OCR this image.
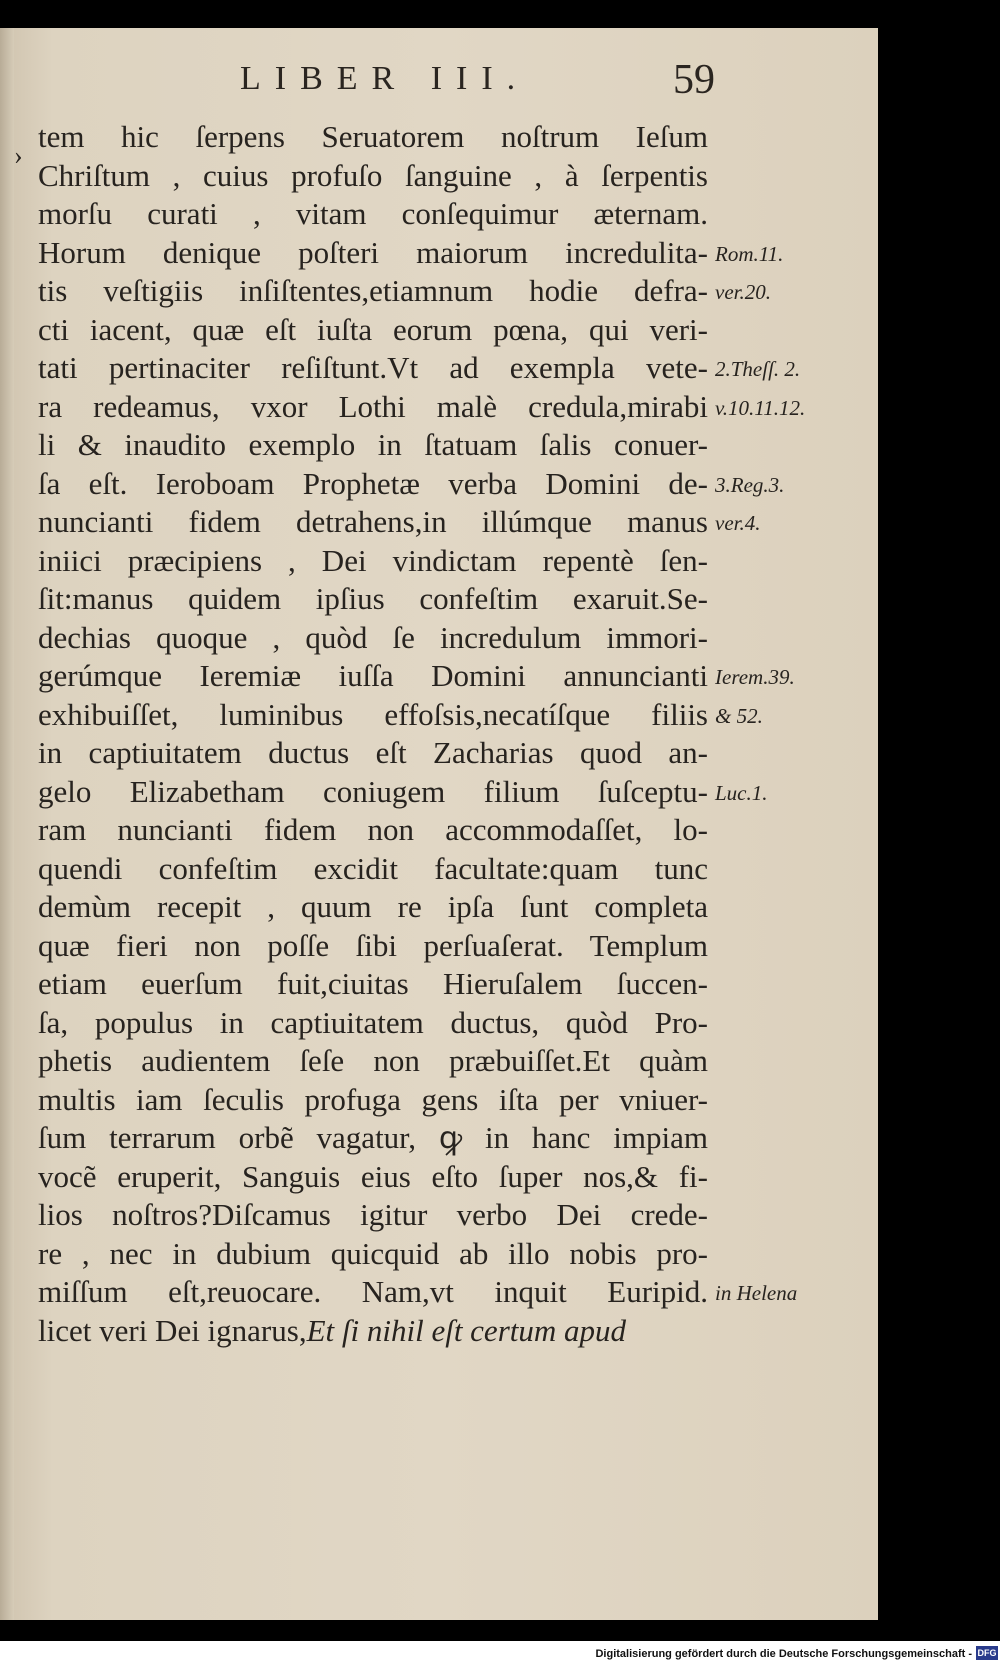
LIBER III.	59
›
tem hic ſerpens Seruatorem noſtrum Ieſum
Chriſtum , cuius profuſo ſanguine , à ſerpentis
morſu curati , vitam conſequimur æternam.
Horum denique poſteri maiorum incredulita-
tis veſtigiis inſiſtentes,etiamnum hodie defra-
cti iacent, quæ eſt iuſta eorum pœna, qui veri-
tati pertinaciter reſiſtunt.Vt ad exempla vete-
ra redeamus, vxor Lothi malè credula,mirabi
li & inaudito exemplo in ſtatuam ſalis conuer-
ſa eſt. Ieroboam Prophetæ verba Domini de-
nuncianti fidem detrahens,in illúmque manus
iniici præcipiens , Dei vindictam repentè ſen-
ſit:manus quidem ipſius confeſtim exaruit.Se-
dechias quoque , quòd ſe incredulum immori-
gerúmque Ieremiæ iuſſa Domini annuncianti
exhibuiſſet, luminibus effoſsis,necatíſque filiis
in captiuitatem ductus eſt Zacharias quod an-
gelo Elizabetham coniugem filium ſuſceptu-
ram nuncianti fidem non accommodaſſet, lo-
quendi confeſtim excidit facultate:quam tunc
demùm recepit , quum re ipſa ſunt completa
quæ fieri non poſſe ſibi perſuaſerat. Templum
etiam euerſum fuit,ciuitas Hieruſalem ſuccen-
ſa, populus in captiuitatem ductus, quòd Pro-
phetis audientem ſeſe non præbuiſſet.Et quàm
multis iam ſeculis profuga gens iſta per vniuer-
ſum terrarum orbẽ vagatur, ꝙ in hanc impiam
vocẽ eruperit, Sanguis eius eſto ſuper nos,& fi-
lios noſtros?Diſcamus igitur verbo Dei crede-
re , nec in dubium quicquid ab illo nobis pro-
miſſum eſt,reuocare. Nam,vt inquit Euripid.
licet veri Dei ignarus,Et ſi nihil eſt certum apud
Rom.11.
ver.20.
2.Theſſ. 2.
v.10.11.12.
3.Reg.3.
ver.4.
Ierem.39.
& 52.
Luc.1.
in Helena
Digitalisierung gefördert durch die Deutsche Forschungsgemeinschaft - DFG
